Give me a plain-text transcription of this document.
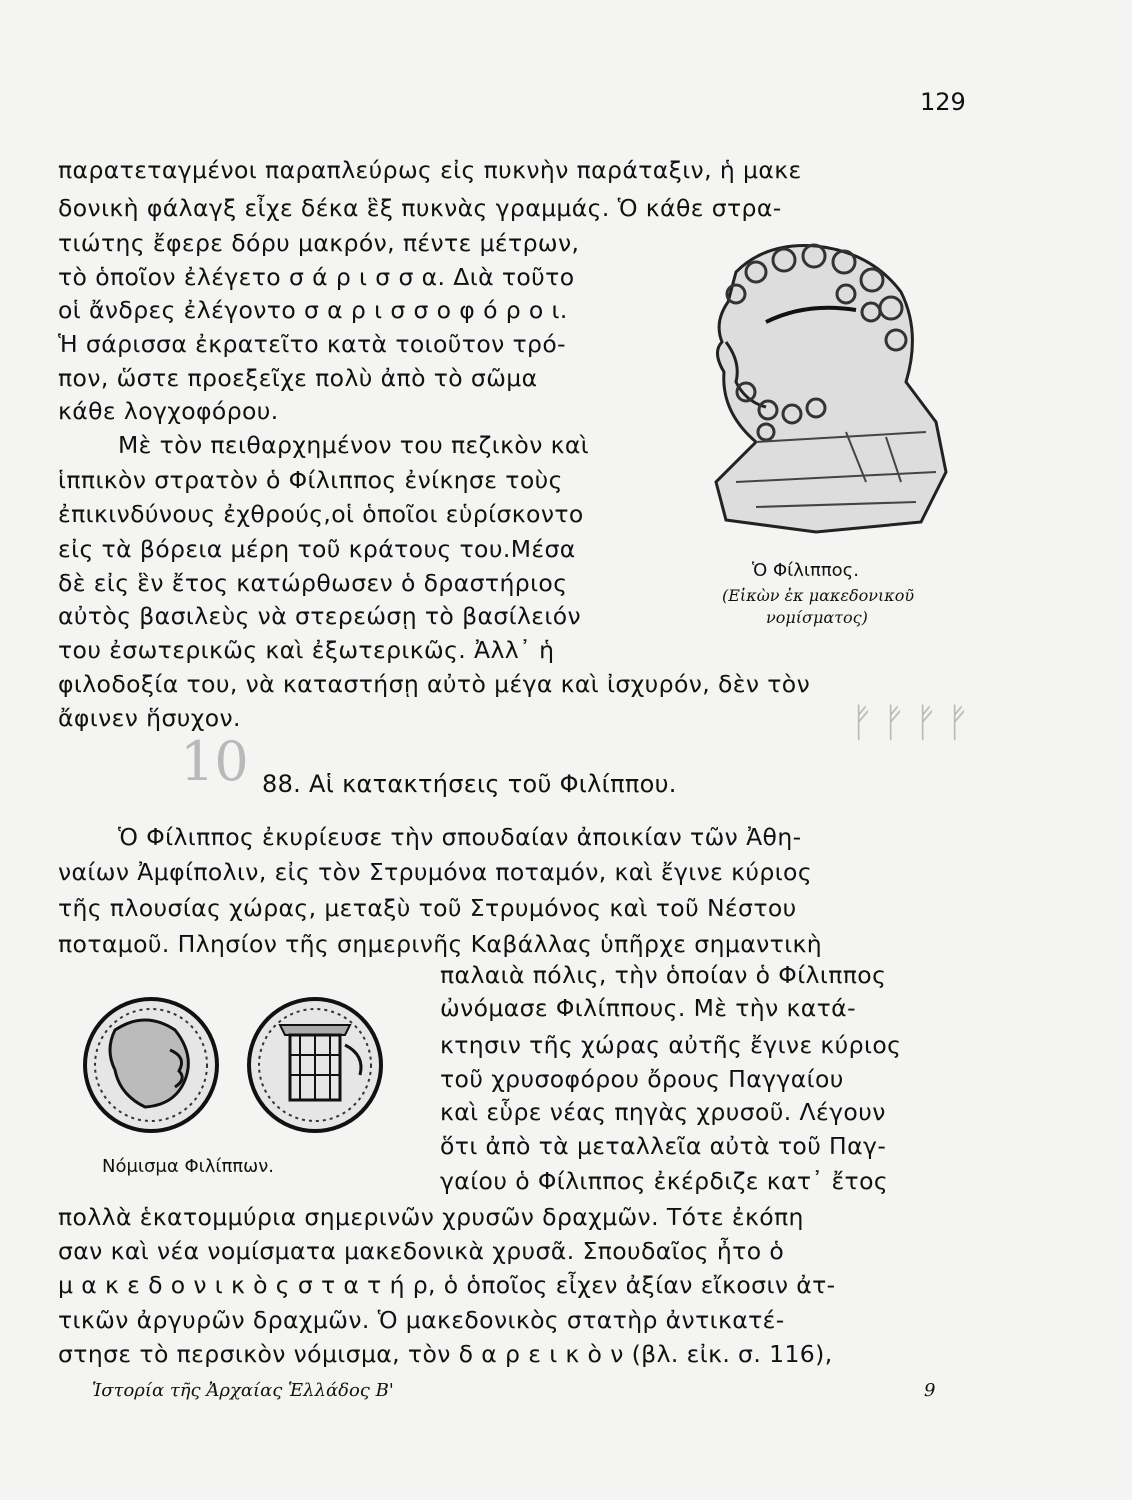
129
παρατεταγμένοι παραπλεύρως εἰς πυκνὴν παράταξιν, ἡ μακε
δονικὴ φάλαγξ εἶχε δέκα ἓξ πυκνὰς γραμμάς. Ὁ κάθε στρα-
τιώτης ἔφερε δόρυ μακρόν, πέντε μέτρων,
τὸ ὁποῖον ἐλέγετο σ ά ρ ι σ σ α. Διὰ τοῦτο
οἱ ἄνδρες ἐλέγοντο σ α ρ ι σ σ ο φ ό ρ ο ι.
Ἡ σάρισσα ἐκρατεῖτο κατὰ τοιοῦτον τρό-
πον, ὥστε προεξεῖχε πολὺ ἀπὸ τὸ σῶμα
κάθε λογχοφόρου.
Μὲ τὸν πειθαρχημένον του πεζικὸν καὶ
ἱππικὸν στρατὸν ὁ Φίλιππος ἐνίκησε τοὺς
ἐπικινδύνους ἐχθρούς,οἱ ὁποῖοι εὑρίσκοντο
εἰς τὰ βόρεια μέρη τοῦ κράτους του.Μέσα
δὲ εἰς ἓν ἔτος κατώρθωσεν ὁ δραστήριος
αὐτὸς βασιλεὺς νὰ στερεώσῃ τὸ βασίλειόν
του ἐσωτερικῶς καὶ ἐξωτερικῶς. Ἀλλ᾽ ἡ
φιλοδοξία του, νὰ καταστήσῃ αὐτὸ μέγα καὶ ἰσχυρόν, δὲν τὸν
ἄφινεν ἥσυχον.
Ὁ Φίλιππος.
(Εἰκὼν ἐκ μακεδονικοῦ
νομίσματος)
10
ᚠᚠᚠᚠ
88. Αἱ κατακτήσεις τοῦ Φιλίππου.
Ὁ Φίλιππος ἐκυρίευσε τὴν σπουδαίαν ἀποικίαν τῶν Ἀθη-
ναίων Ἀμφίπολιν, εἰς τὸν Στρυμόνα ποταμόν, καὶ ἔγινε κύριος
τῆς πλουσίας χώρας, μεταξὺ τοῦ Στρυμόνος καὶ τοῦ Νέστου
ποταμοῦ. Πλησίον τῆς σημερινῆς Καβάλλας ὑπῆρχε σημαντικὴ
παλαιὰ πόλις, τὴν ὁποίαν ὁ Φίλιππος
ὠνόμασε Φιλίππους. Μὲ τὴν κατά-
κτησιν τῆς χώρας αὐτῆς ἔγινε κύριος
τοῦ χρυσοφόρου ὄρους Παγγαίου
καὶ εὗρε νέας πηγὰς χρυσοῦ. Λέγουν
ὅτι ἀπὸ τὰ μεταλλεῖα αὐτὰ τοῦ Παγ-
γαίου ὁ Φίλιππος ἐκέρδιζε κατ᾽ ἔτος
πολλὰ ἑκατομμύρια σημερινῶν χρυσῶν δραχμῶν. Τότε ἐκόπη
σαν καὶ νέα νομίσματα μακεδονικὰ χρυσᾶ. Σπουδαῖος ἦτο ὁ
μ α κ ε δ ο ν ι κ ὸ ς σ τ α τ ή ρ, ὁ ὁποῖος εἶχεν ἀξίαν εἴκοσιν ἀτ-
τικῶν ἀργυρῶν δραχμῶν. Ὁ μακεδονικὸς στατὴρ ἀντικατέ-
στησε τὸ περσικὸν νόμισμα, τὸν δ α ρ ε ι κ ὸ ν (βλ. εἰκ. σ. 116),
Νόμισμα Φιλίππων.
Ἱστορία τῆς Ἀρχαίας Ἑλλάδος Β'	9
